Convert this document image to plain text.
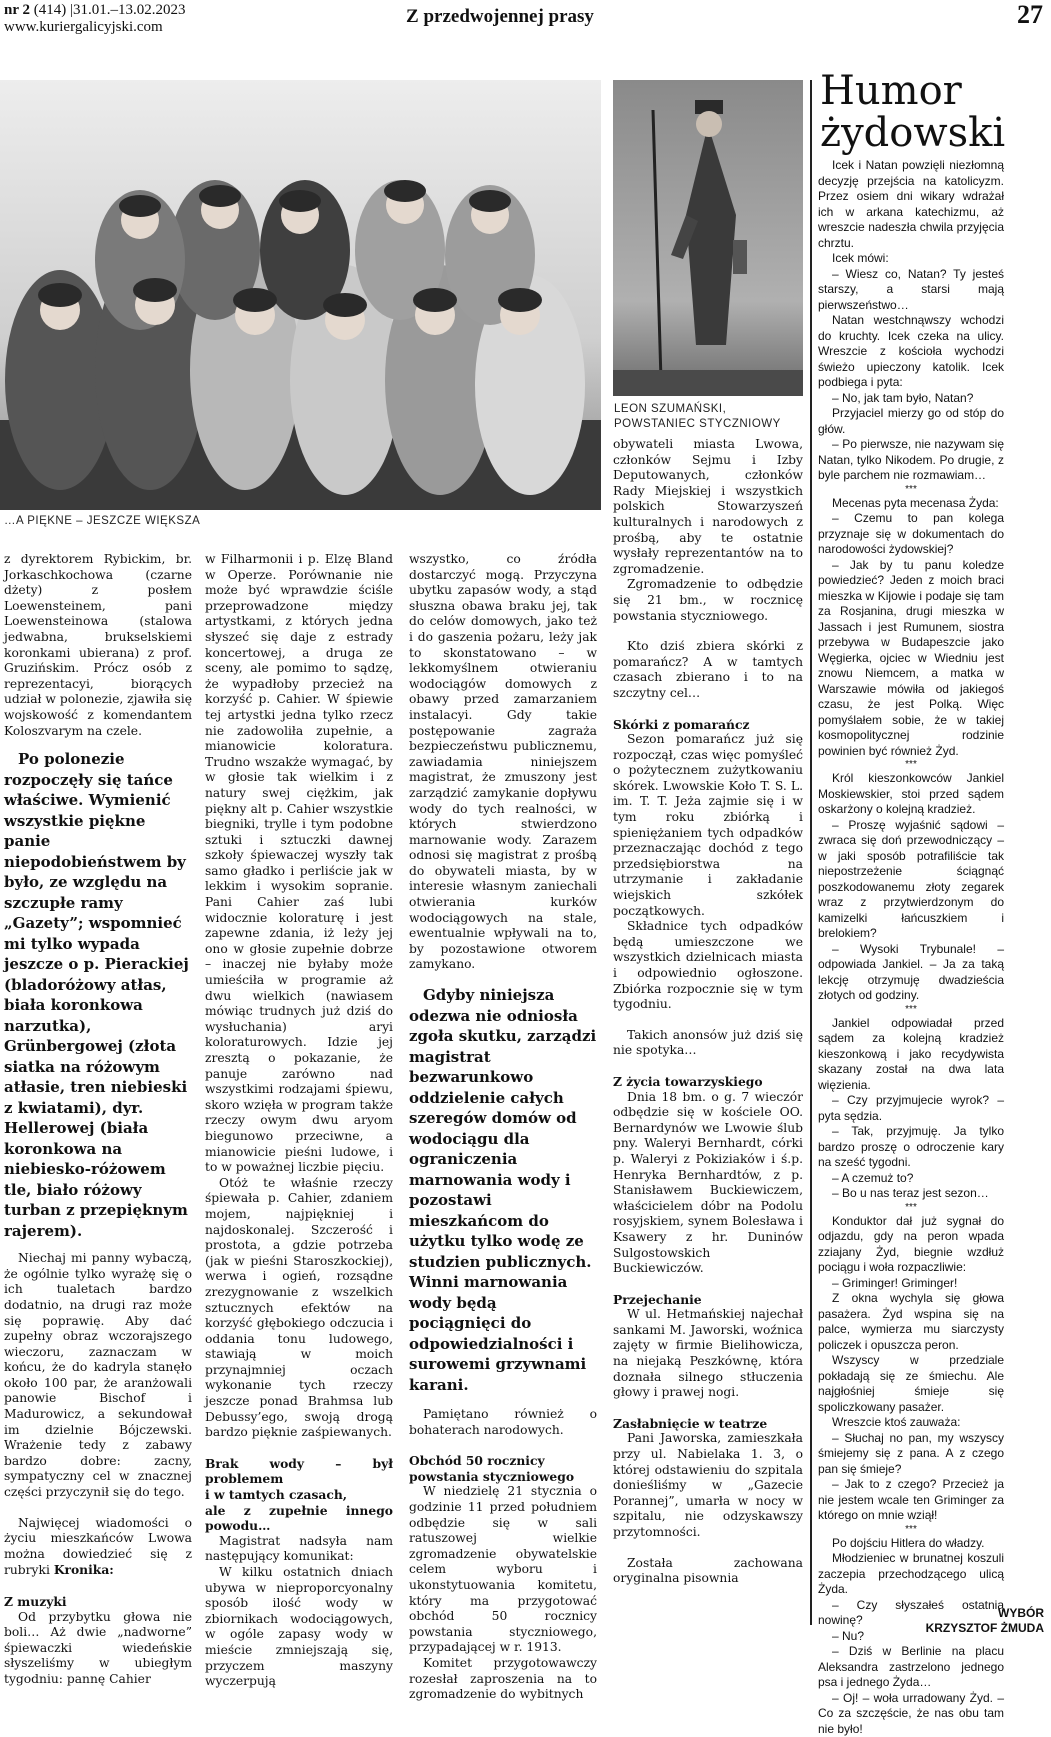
nr 2 (414) |31.01.–13.02.2023
www.kuriergalicyjski.com	Z przedwojennej prasy	27
…A PIĘKNE – JESZCZE WIĘKSZA
LEON SZUMAŃSKI,
POWSTANIEC STYCZNIOWY

z dyrektorem Rybickim, br. Jorkaschkochowa (czarne dżety) z posłem Loewensteinem, pani Loewensteinowa (stalowa jedwabna, brukselskiemi koronkami ubierana) z prof. Gruzińskim. Prócz osób z reprezentacyi, biorących udział w polonezie, zjawiła się wojskowość z komendantem Koloszvarym na czele.

Po polonezie rozpoczęły się tańce właściwe. Wymienić wszystkie piękne panie niepodobieństwem by było, ze względu na szczupłe ramy „Gazety”; wspomnieć mi tylko wypada jeszcze o p. Pierackiej (bladoróżowy atłas, biała koronkowa narzutka), Grünbergowej (złota siatka na różowym atłasie, tren niebieski z kwiatami), dyr. Hellerowej (biała koronkowa na niebiesko-różowem tle, biało różowy turban z przepięknym rajerem).

Niechaj mi panny wybaczą, że ogólnie tylko wyrażę się o ich tualetach bardzo dodatnio, na drugi raz może się poprawię. Aby dać zupełny obraz wczorajszego wieczoru, zaznaczam w końcu, że do kadryla stanęło około 100 par, że aranżowali panowie Bischof i Madurowicz, a sekundował im dzielnie Bójczewski. Wrażenie tedy z zabawy bardzo dobre: zacny, sympatyczny cel w znacznej części przyczynił się do tego.

Najwięcej wiadomości o życiu mieszkańców Lwowa można dowiedzieć się z rubryki Kronika:

Z muzyki

Od przybytku głowa nie boli… Aż dwie „nadworne” śpiewaczki wiedeńskie słyszeliśmy w ubiegłym tygodniu: pannę Cahier

w Filharmonii i p. Elzę Bland w Operze. Porównanie nie może być wprawdzie ściśle przeprowadzone między artystkami, z których jedna słyszeć się daje z estrady koncertowej, a druga ze sceny, ale pomimo to sądzę, że wypadłoby przecież na korzyść p. Cahier. W śpiewie tej artystki jedna tylko rzecz nie zadowoliła zupełnie, a mianowicie koloratura. Trudno wszakże wymagać, by w głosie tak wielkim i z natury swej ciężkim, jak piękny alt p. Cahier wszystkie biegniki, trylle i tym podobne sztuki i sztuczki dawnej szkoły śpiewaczej wyszły tak samo gładko i perliście jak w lekkim i wysokim sopranie. Pani Cahier zaś lubi widocznie koloraturę i jest zapewne zdania, iż leży jej ono w głosie zupełnie dobrze – inaczej nie byłaby może umieściła w programie aż dwu wielkich (nawiasem mówiąc trudnych już dziś do wysłuchania) aryi koloraturowych. Idzie jej zresztą o pokazanie, że panuje zarówno nad wszystkimi rodzajami śpiewu, skoro wzięła w program także rzeczy owym dwu aryom biegunowo przeciwne, a mianowicie pieśni ludowe, i to w poważnej liczbie pięciu.

Otóż te właśnie rzeczy śpiewała p. Cahier, zdaniem mojem, najpiękniej i najdoskonalej. Szczerość i prostota, a gdzie potrzeba (jak w pieśni Staroszkockiej), werwa i ogień, rozsądne zrezygnowanie z wszelkich sztucznych efektów na korzyść głębokiego odczucia i oddania tonu ludowego, stawiają w moich przynajmniej oczach wykonanie tych rzeczy jeszcze ponad Brahmsa lub Debussy’ego, swoją drogą bardzo pięknie zaśpiewanych.

Brak wody – był problemem
i w tamtych czasach,
ale z zupełnie innego powodu…

Magistrat nadsyła nam następujący komunikat:

W kilku ostatnich dniach ubywa w nieproporcyonalny sposób ilość wody w zbiornikach wodociągowych, w ogóle zapasy wody w mieście zmniejszają się, przyczem maszyny wyczerpują

wszystko, co źródła dostarczyć mogą. Przyczyna ubytku zapasów wody, a stąd słuszna obawa braku jej, tak do celów domowych, jako też i do gaszenia pożaru, leży jak to skonstatowano – w lekkomyślnem otwieraniu wodociągów domowych z obawy przed zamarzaniem instalacyi. Gdy takie postępowanie zagraża bezpieczeństwu publicznemu, zawiadamia niniejszem magistrat, że zmuszony jest zarządzić zamykanie dopływu wody do tych realności, w których stwierdzono marnowanie wody. Zarazem odnosi się magistrat z prośbą do obywateli miasta, by w interesie własnym zaniechali otwierania kurków wodociągowych na stale, ewentualnie wpływali na to, by pozostawione otworem zamykano.

Gdyby niniejsza odezwa nie odniosła zgoła skutku, zarządzi magistrat bezwarunkowo oddzielenie całych szeregów domów od wodociągu dla ograniczenia marnowania wody i pozostawi mieszkańcom do użytku tylko wodę ze studzien publicznych. Winni marnowania wody będą pociągnięci do odpowiedzialności i surowemi grzywnami karani.

Pamiętano również o bohaterach narodowych.

Obchód 50 rocznicy
powstania styczniowego

W niedzielę 21 stycznia o godzinie 11 przed południem odbędzie się w sali ratuszowej wielkie zgromadzenie obywatelskie celem wyboru i ukonstytuowania komitetu, który ma przygotować obchód 50 rocznicy powstania styczniowego, przypadającej w r. 1913.

Komitet przygotowawczy rozesłał zaproszenia na to zgromadzenie do wybitnych

obywateli miasta Lwowa, członków Sejmu i Izby Deputowanych, członków Rady Miejskiej i wszystkich polskich Stowarzyszeń kulturalnych i narodowych z prośbą, aby te ostatnie wysłały reprezentantów na to zgromadzenie.

Zgromadzenie to odbędzie się 21 bm., w rocznicę powstania styczniowego.

Kto dziś zbiera skórki z pomarańcz? A w tamtych czasach zbierano i to na szczytny cel…

Skórki z pomarańcz

Sezon pomarańcz już się rozpoczął, czas więc pomyśleć o pożytecznem zużytkowaniu skórek. Lwowskie Koło T. S. L. im. T. T. Jeża zajmie się i w tym roku zbiórką i spieniężaniem tych odpadków przeznaczając dochód z tego przedsiębiorstwa na utrzymanie i zakładanie wiejskich szkółek początkowych.

Składnice tych odpadków będą umieszczone we wszystkich dzielnicach miasta i odpowiednio ogłoszone. Zbiórka rozpocznie się w tym tygodniu.

Takich anonsów już dziś się nie spotyka…

Z życia towarzyskiego

Dnia 18 bm. o g. 7 wieczór odbędzie się w kościele OO. Bernardynów we Lwowie ślub pny. Waleryi Bernhardt, córki p. Waleryi z Pokiziaków i ś.p. Henryka Bernhardtów, z p. Stanisławem Buckiewiczem, właścicielem dóbr na Podolu rosyjskiem, synem Bolesława i Ksawery z hr. Duninów Sulgostowskich Buckiewiczów.

Przejechanie

W ul. Hetmańskiej najechał sankami M. Jaworski, woźnica zajęty w firmie Bielihowicza, na niejaką Peszkównę, która doznała silnego stłuczenia głowy i prawej nogi.

Zasłabnięcie w teatrze

Pani Jaworska, zamieszkała przy ul. Nabielaka 1. 3, o której odstawieniu do szpitala donieśliśmy w „Gazecie Porannej”, umarła w nocy w szpitalu, nie odzyskawszy przytomności.

Została zachowana oryginalna pisownia

Humor
żydowski

Icek i Natan powzięli niezłomną decyzję przejścia na katolicyzm. Przez osiem dni wikary wdrażał ich w arkana katechizmu, aż wreszcie nadeszła chwila przyjęcia chrztu.

Icek mówi:

– Wiesz co, Natan? Ty jesteś starszy, a starsi mają pierwszeństwo…

Natan westchnąwszy wchodzi do kruchty. Icek czeka na ulicy. Wreszcie z kościoła wychodzi świeżo upieczony katolik. Icek podbiega i pyta:

– No, jak tam było, Natan?

Przyjaciel mierzy go od stóp do głów.

– Po pierwsze, nie nazywam się Natan, tylko Nikodem. Po drugie, z byle parchem nie rozmawiam…

***

Mecenas pyta mecenasa Żyda:

– Czemu to pan kolega przyznaje się w dokumentach do narodowości żydowskiej?

– Jak by tu panu koledze powiedzieć? Jeden z moich braci mieszka w Kijowie i podaje się tam za Rosjanina, drugi mieszka w Jassach i jest Rumunem, siostra przebywa w Budapeszcie jako Węgierka, ojciec w Wiedniu jest znowu Niemcem, a matka w Warszawie mówiła od jakiegoś czasu, że jest Polką. Więc pomyślałem sobie, że w takiej kosmopolitycznej rodzinie powinien być również Żyd.

***

Król kieszonkowców Jankiel Moskiewskier, stoi przed sądem oskarżony o kolejną kradzież.

– Proszę wyjaśnić sądowi – zwraca się doń przewodniczący – w jaki sposób potrafiliście tak niepostrzeżenie ściągnąć poszkodowanemu złoty zegarek wraz z przytwierdzonym do kamizelki łańcuszkiem i brelokiem?

– Wysoki Trybunale! – odpowiada Jankiel. – Ja za taką lekcję otrzymuję dwadzieścia złotych od godziny.

***

Jankiel odpowiadał przed sądem za kolejną kradzież kieszonkową i jako recydywista skazany został na dwa lata więzienia.

– Czy przyjmujecie wyrok? – pyta sędzia.

– Tak, przyjmuję. Ja tylko bardzo proszę o odroczenie kary na sześć tygodni.

– A czemuż to?

– Bo u nas teraz jest sezon…

***

Konduktor dał już sygnał do odjazdu, gdy na peron wpada zziajany Żyd, biegnie wzdłuż pociągu i woła rozpaczliwie:

– Griminger! Griminger!

Z okna wychyla się głowa pasażera. Żyd wspina się na palce, wymierza mu siarczysty policzek i opuszcza peron.

Wszyscy w przedziale pokładają się ze śmiechu. Ale najgłośniej śmieje się spoliczkowany pasażer.

Wreszcie ktoś zauważa:

– Słuchaj no pan, my wszyscy śmiejemy się z pana. A z czego pan się śmieje?

– Jak to z czego? Przecież ja nie jestem wcale ten Griminger za którego on mnie wziął!

***

Po dojściu Hitlera do władzy.

Młodzieniec w brunatnej koszuli zaczepia przechodzącego ulicą Żyda.

– Czy słyszałeś ostatnią nowinę?

– Nu?

– Dziś w Berlinie na placu Aleksandra zastrzelono jednego psa i jednego Żyda…

– Oj! – woła urradowany Żyd. – Co za szczęście, że nas obu tam nie było!

WYBÓR
KRZYSZTOF ŻMUDA
